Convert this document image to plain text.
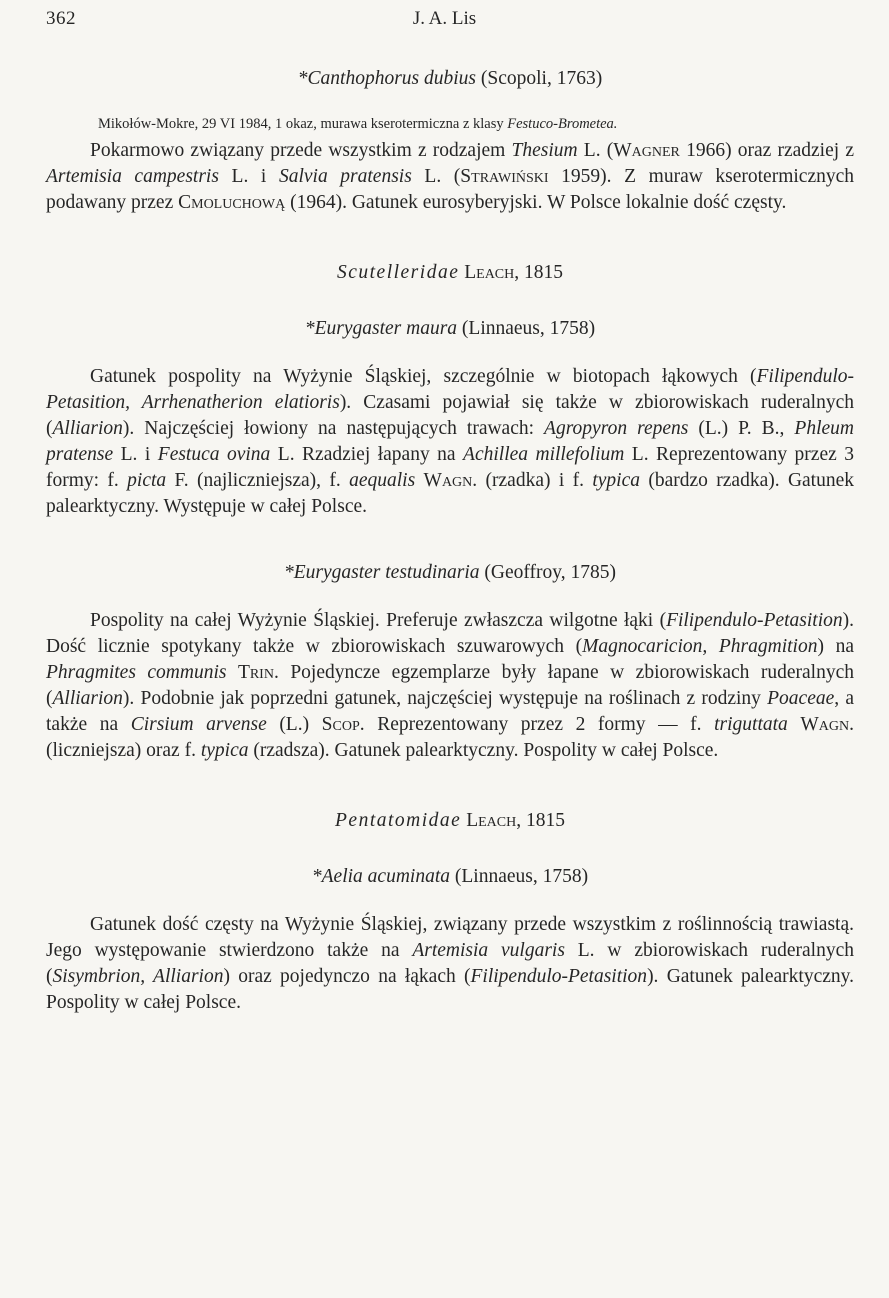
362	J. A. Lis

*Canthophorus dubius (Scopoli, 1763)

Mikołów-Mokre, 29 VI 1984, 1 okaz, murawa kserotermiczna z klasy Festuco-Brometea.

Pokarmowo związany przede wszystkim z rodzajem Thesium L. (Wagner 1966) oraz rzadziej z Artemisia campestris L. i Salvia pratensis L. (Strawiński 1959). Z muraw kserotermicznych podawany przez Cmoluchową (1964). Gatunek eurosyberyjski. W Polsce lokalnie dość częsty.

Scutelleridae Leach, 1815

*Eurygaster maura (Linnaeus, 1758)

Gatunek pospolity na Wyżynie Śląskiej, szczególnie w biotopach łąkowych (Filipendulo-Petasition, Arrhenatherion elatioris). Czasami pojawiał się także w zbiorowiskach ruderalnych (Alliarion). Najczęściej łowiony na następujących trawach: Agropyron repens (L.) P. B., Phleum pratense L. i Festuca ovina L. Rzadziej łapany na Achillea millefolium L. Reprezentowany przez 3 formy: f. picta F. (najliczniejsza), f. aequalis Wagn. (rzadka) i f. typica (bardzo rzadka). Gatunek palearktyczny. Występuje w całej Polsce.

*Eurygaster testudinaria (Geoffroy, 1785)

Pospolity na całej Wyżynie Śląskiej. Preferuje zwłaszcza wilgotne łąki (Filipendulo-Petasition). Dość licznie spotykany także w zbiorowiskach szuwarowych (Magnocaricion, Phragmition) na Phragmites communis Trin. Pojedyncze egzemplarze były łapane w zbiorowiskach ruderalnych (Alliarion). Podobnie jak poprzedni gatunek, najczęściej występuje na roślinach z rodziny Poaceae, a także na Cirsium arvense (L.) Scop. Reprezentowany przez 2 formy — f. triguttata Wagn. (liczniejsza) oraz f. typica (rzadsza). Gatunek palearktyczny. Pospolity w całej Polsce.

Pentatomidae Leach, 1815

*Aelia acuminata (Linnaeus, 1758)

Gatunek dość częsty na Wyżynie Śląskiej, związany przede wszystkim z roślinnością trawiastą. Jego występowanie stwierdzono także na Artemisia vulgaris L. w zbiorowiskach ruderalnych (Sisymbrion, Alliarion) oraz pojedynczo na łąkach (Filipendulo-Petasition). Gatunek palearktyczny. Pospolity w całej Polsce.
